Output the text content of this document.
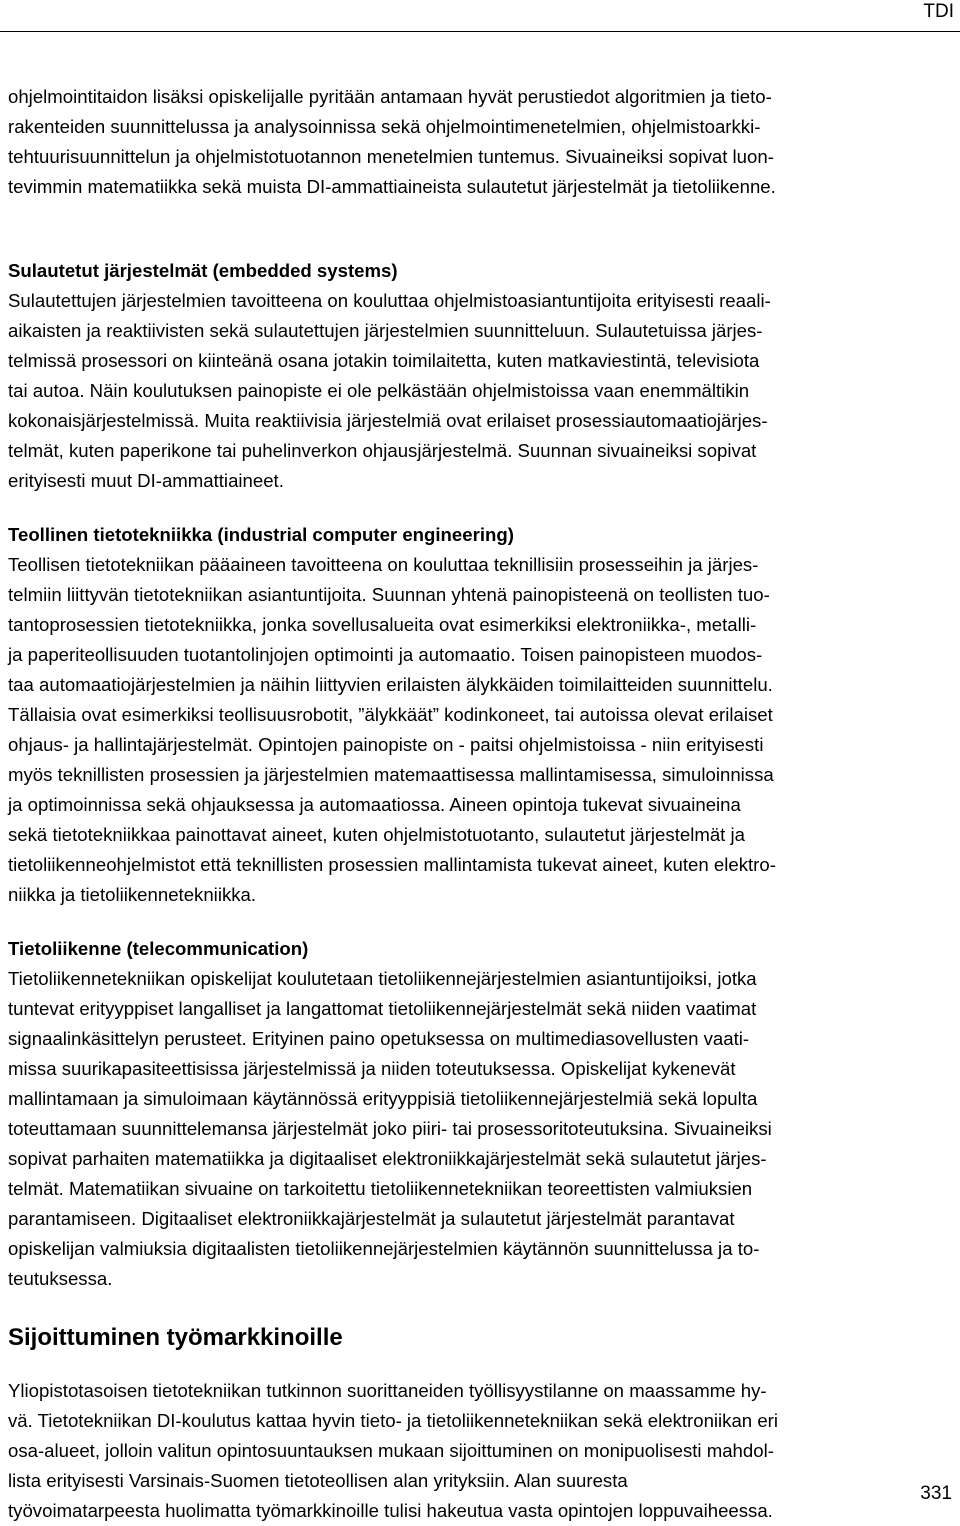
TDI

ohjelmointitaidon lisäksi opiskelijalle pyritään antamaan hyvät perustiedot algoritmien ja tieto-

rakenteiden suunnittelussa ja analysoinnissa sekä ohjelmointimenetelmien, ohjelmistoarkki-

tehtuurisuunnittelun ja ohjelmistotuotannon menetelmien tuntemus. Sivuaineiksi sopivat luon-

tevimmin matematiikka sekä muista DI-ammattiaineista sulautetut järjestelmät ja tietoliikenne.

Sulautetut järjestelmät (embedded systems)

Sulautettujen järjestelmien tavoitteena on kouluttaa ohjelmistoasiantuntijoita erityisesti reaali-

aikaisten ja reaktiivisten sekä sulautettujen järjestelmien suunnitteluun. Sulautetuissa järjes-

telmissä prosessori on kiinteänä osana jotakin toimilaitetta, kuten matkaviestintä, televisiota

tai autoa. Näin koulutuksen painopiste ei ole pelkästään ohjelmistoissa vaan enemmältikin

kokonaisjärjestelmissä. Muita reaktiivisia järjestelmiä ovat erilaiset prosessiautomaatiojärjes-

telmät, kuten paperikone tai puhelinverkon ohjausjärjestelmä. Suunnan sivuaineiksi sopivat

erityisesti muut DI-ammattiaineet.

Teollinen tietotekniikka (industrial computer engineering)

Teollisen tietotekniikan pääaineen tavoitteena on kouluttaa teknillisiin prosesseihin ja järjes-

telmiin liittyvän tietotekniikan asiantuntijoita. Suunnan yhtenä painopisteenä on teollisten tuo-

tantoprosessien tietotekniikka, jonka sovellusalueita ovat esimerkiksi elektroniikka-, metalli-

ja paperiteollisuuden tuotantolinjojen optimointi ja automaatio. Toisen painopisteen muodos-

taa automaatiojärjestelmien ja näihin liittyvien erilaisten älykkäiden toimilaitteiden suunnittelu.

Tällaisia ovat esimerkiksi teollisuusrobotit, ”älykkäät” kodinkoneet, tai autoissa olevat erilaiset

ohjaus- ja hallintajärjestelmät. Opintojen painopiste on - paitsi ohjelmistoissa - niin erityisesti

myös teknillisten prosessien ja järjestelmien matemaattisessa mallintamisessa, simuloinnissa

ja optimoinnissa sekä ohjauksessa ja automaatiossa. Aineen opintoja tukevat sivuaineina

sekä tietotekniikkaa painottavat aineet, kuten ohjelmistotuotanto, sulautetut järjestelmät ja

tietoliikenneohjelmistot että teknillisten prosessien mallintamista tukevat aineet, kuten elektro-

niikka ja tietoliikennetekniikka.

Tietoliikenne (telecommunication)

Tietoliikennetekniikan opiskelijat koulutetaan tietoliikennejärjestelmien asiantuntijoiksi, jotka

tuntevat erityyppiset langalliset ja langattomat tietoliikennejärjestelmät sekä niiden vaatimat

signaalinkäsittelyn perusteet. Erityinen paino opetuksessa on multimediasovellusten vaati-

missa suurikapasiteettisissa järjestelmissä ja niiden toteutuksessa. Opiskelijat kykenevät

mallintamaan ja simuloimaan käytännössä erityyppisiä tietoliikennejärjestelmiä sekä lopulta

toteuttamaan suunnittelemansa järjestelmät joko piiri- tai prosessoritoteutuksina. Sivuaineiksi

sopivat parhaiten matematiikka ja digitaaliset elektroniikkajärjestelmät sekä sulautetut järjes-

telmät. Matematiikan sivuaine on tarkoitettu tietoliikennetekniikan teoreettisten valmiuksien

parantamiseen. Digitaaliset elektroniikkajärjestelmät ja sulautetut järjestelmät parantavat

opiskelijan valmiuksia digitaalisten tietoliikennejärjestelmien käytännön suunnittelussa ja to-

teutuksessa.

Sijoittuminen työmarkkinoille

Yliopistotasoisen tietotekniikan tutkinnon suorittaneiden työllisyystilanne on maassamme hy-

vä. Tietotekniikan DI-koulutus kattaa hyvin tieto- ja tietoliikennetekniikan sekä elektroniikan eri

osa-alueet, jolloin valitun opintosuuntauksen mukaan sijoittuminen on monipuolisesti mahdol-

lista erityisesti Varsinais-Suomen tietoteollisen alan yrityksiin. Alan suuresta

työvoimatarpeesta huolimatta työmarkkinoille tulisi hakeutua vasta opintojen loppuvaiheessa.

331
